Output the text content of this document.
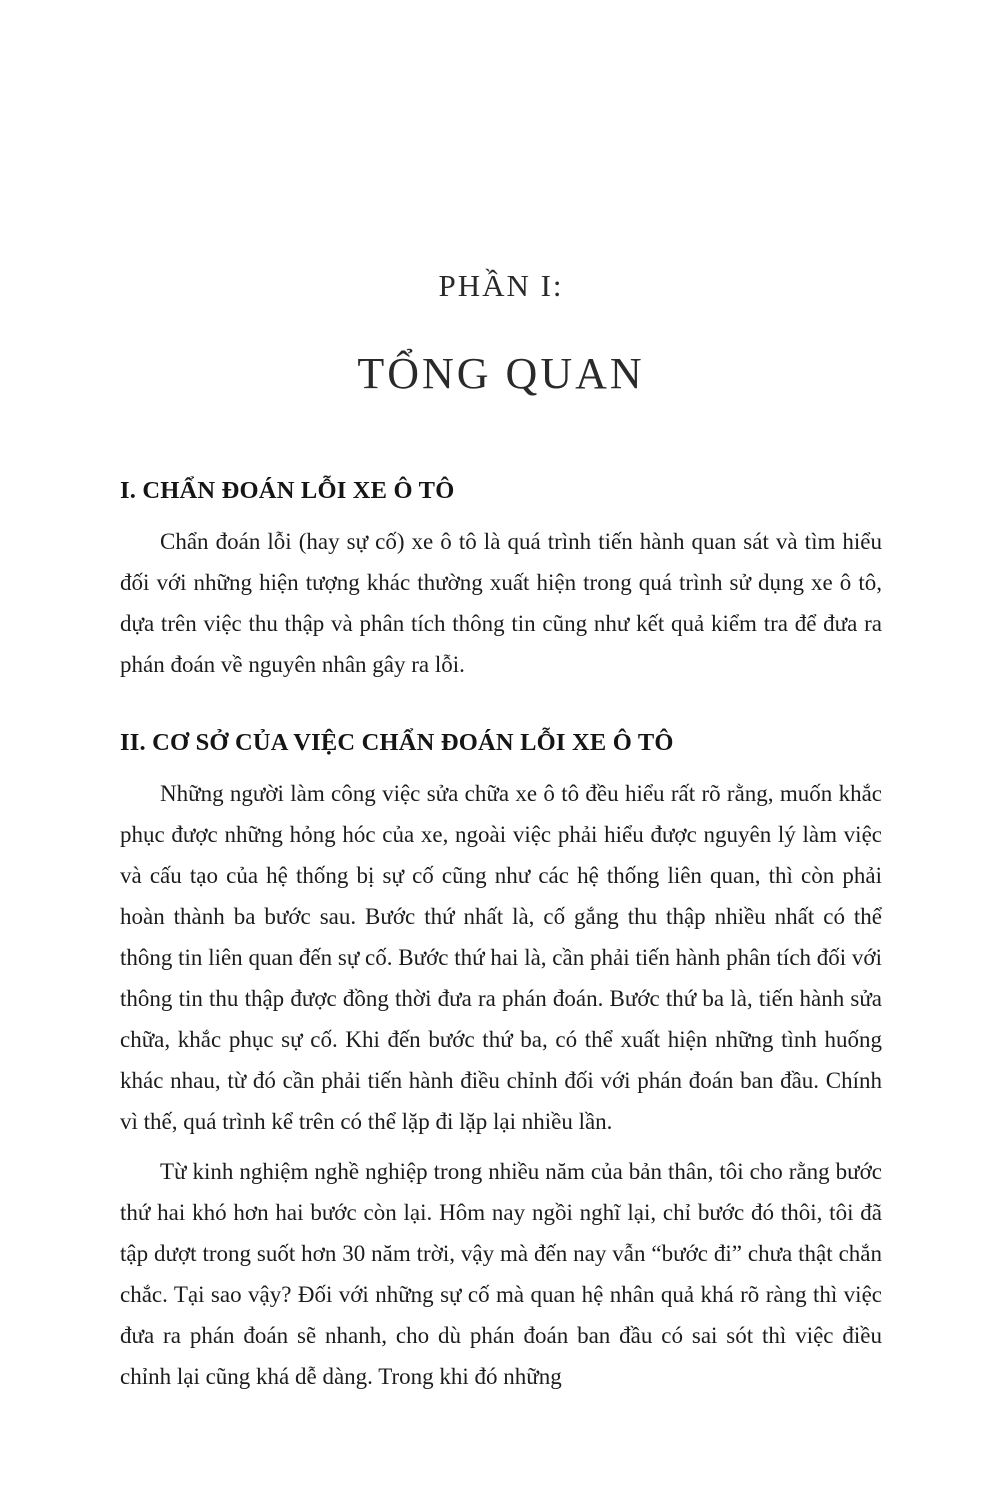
PHẦN I:
TỔNG QUAN
I. CHẨN ĐOÁN LỖI XE Ô TÔ

Chẩn đoán lỗi (hay sự cố) xe ô tô là quá trình tiến hành quan sát và tìm hiểu đối với những hiện tượng khác thường xuất hiện trong quá trình sử dụng xe ô tô, dựa trên việc thu thập và phân tích thông tin cũng như kết quả kiểm tra để đưa ra phán đoán về nguyên nhân gây ra lỗi.

II. CƠ SỞ CỦA VIỆC CHẨN ĐOÁN LỖI XE Ô TÔ

Những người làm công việc sửa chữa xe ô tô đều hiểu rất rõ rằng, muốn khắc phục được những hỏng hóc của xe, ngoài việc phải hiểu được nguyên lý làm việc và cấu tạo của hệ thống bị sự cố cũng như các hệ thống liên quan, thì còn phải hoàn thành ba bước sau. Bước thứ nhất là, cố gắng thu thập nhiều nhất có thể thông tin liên quan đến sự cố. Bước thứ hai là, cần phải tiến hành phân tích đối với thông tin thu thập được đồng thời đưa ra phán đoán. Bước thứ ba là, tiến hành sửa chữa, khắc phục sự cố. Khi đến bước thứ ba, có thể xuất hiện những tình huống khác nhau, từ đó cần phải tiến hành điều chỉnh đối với phán đoán ban đầu. Chính vì thế, quá trình kể trên có thể lặp đi lặp lại nhiều lần.

Từ kinh nghiệm nghề nghiệp trong nhiều năm của bản thân, tôi cho rằng bước thứ hai khó hơn hai bước còn lại. Hôm nay ngồi nghĩ lại, chỉ bước đó thôi, tôi đã tập dượt trong suốt hơn 30 năm trời, vậy mà đến nay vẫn “bước đi” chưa thật chắn chắc. Tại sao vậy? Đối với những sự cố mà quan hệ nhân quả khá rõ ràng thì việc đưa ra phán đoán sẽ nhanh, cho dù phán đoán ban đầu có sai sót thì việc điều chỉnh lại cũng khá dễ dàng. Trong khi đó những
